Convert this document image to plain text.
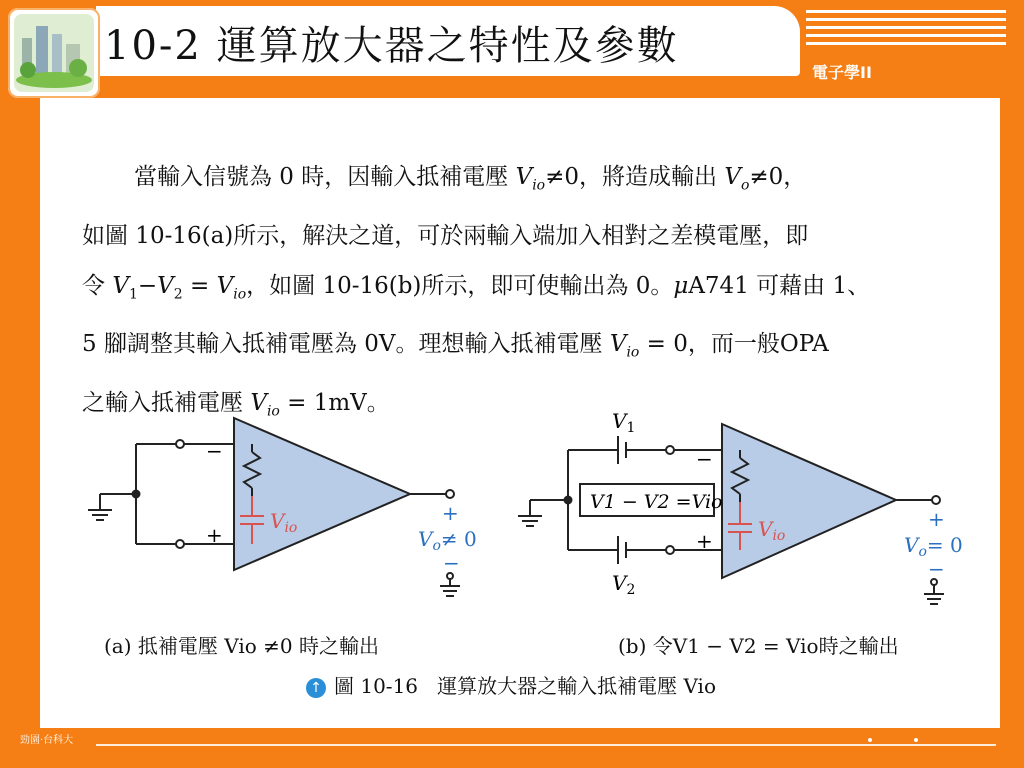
10-2 運算放大器之特性及參數
電子學II

當輸入信號為 0 時，因輸入抵補電壓 $V_{io}\ne 0$，將造成輸出 $V_o\ne 0$，

如圖 10-16(a)所示，解決之道，可於兩輸入端加入相對之差模電壓，即

令 $V_1-V_2 = V_{io}$，如圖 10-16(b)所示，即可使輸出為 0。μA741 可藉由 1、

5 腳調整其輸入抵補電壓為 0V。理想輸入抵補電壓 $V_{io} = 0$，而一般OPA

之輸入抵補電壓 $V_{io} = 1mV$。

−
+
$V_{io}$
+
$V_o\ne 0$
−
$V_1$
$V_2$
V1 − V2 =Vio
−
+ $V_{io}$
+
$V_o= 0$
−
(a) 抵補電壓 Vio ≠0 時之輸出	(b) 令V1 − V2 = Vio時之輸出
↑ 圖 10-16 運算放大器之輸入抵補電壓 Vio
勁園‧台科大
